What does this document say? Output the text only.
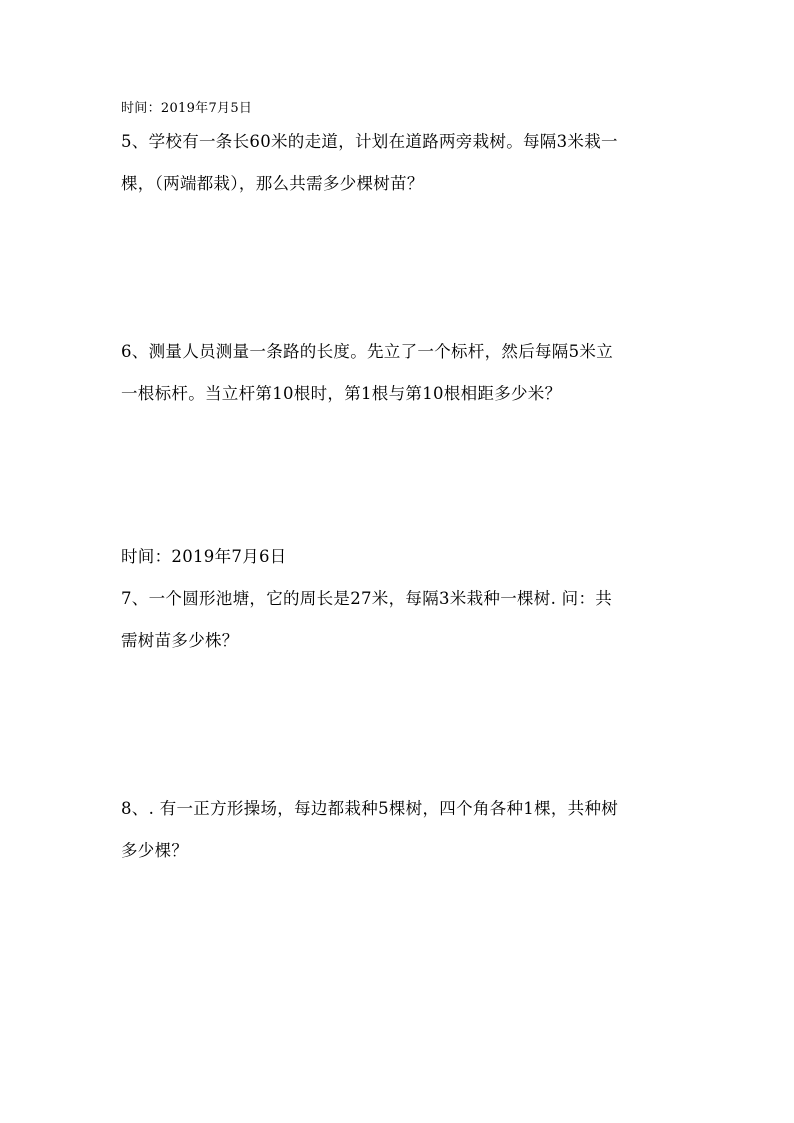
时间：2019年7月5日
5、学校有一条长60米的走道，计划在道路两旁栽树。每隔3米栽一
棵，（两端都栽），那么共需多少棵树苗？
6、测量人员测量一条路的长度。先立了一个标杆，然后每隔5米立
一根标杆。当立杆第10根时，第1根与第10根相距多少米？
时间：2019年7月6日
7、一个圆形池塘，它的周长是27米，每隔3米栽种一棵树. 问：共
需树苗多少株？
8、. 有一正方形操场，每边都栽种5棵树，四个角各种1棵，共种树
多少棵？
